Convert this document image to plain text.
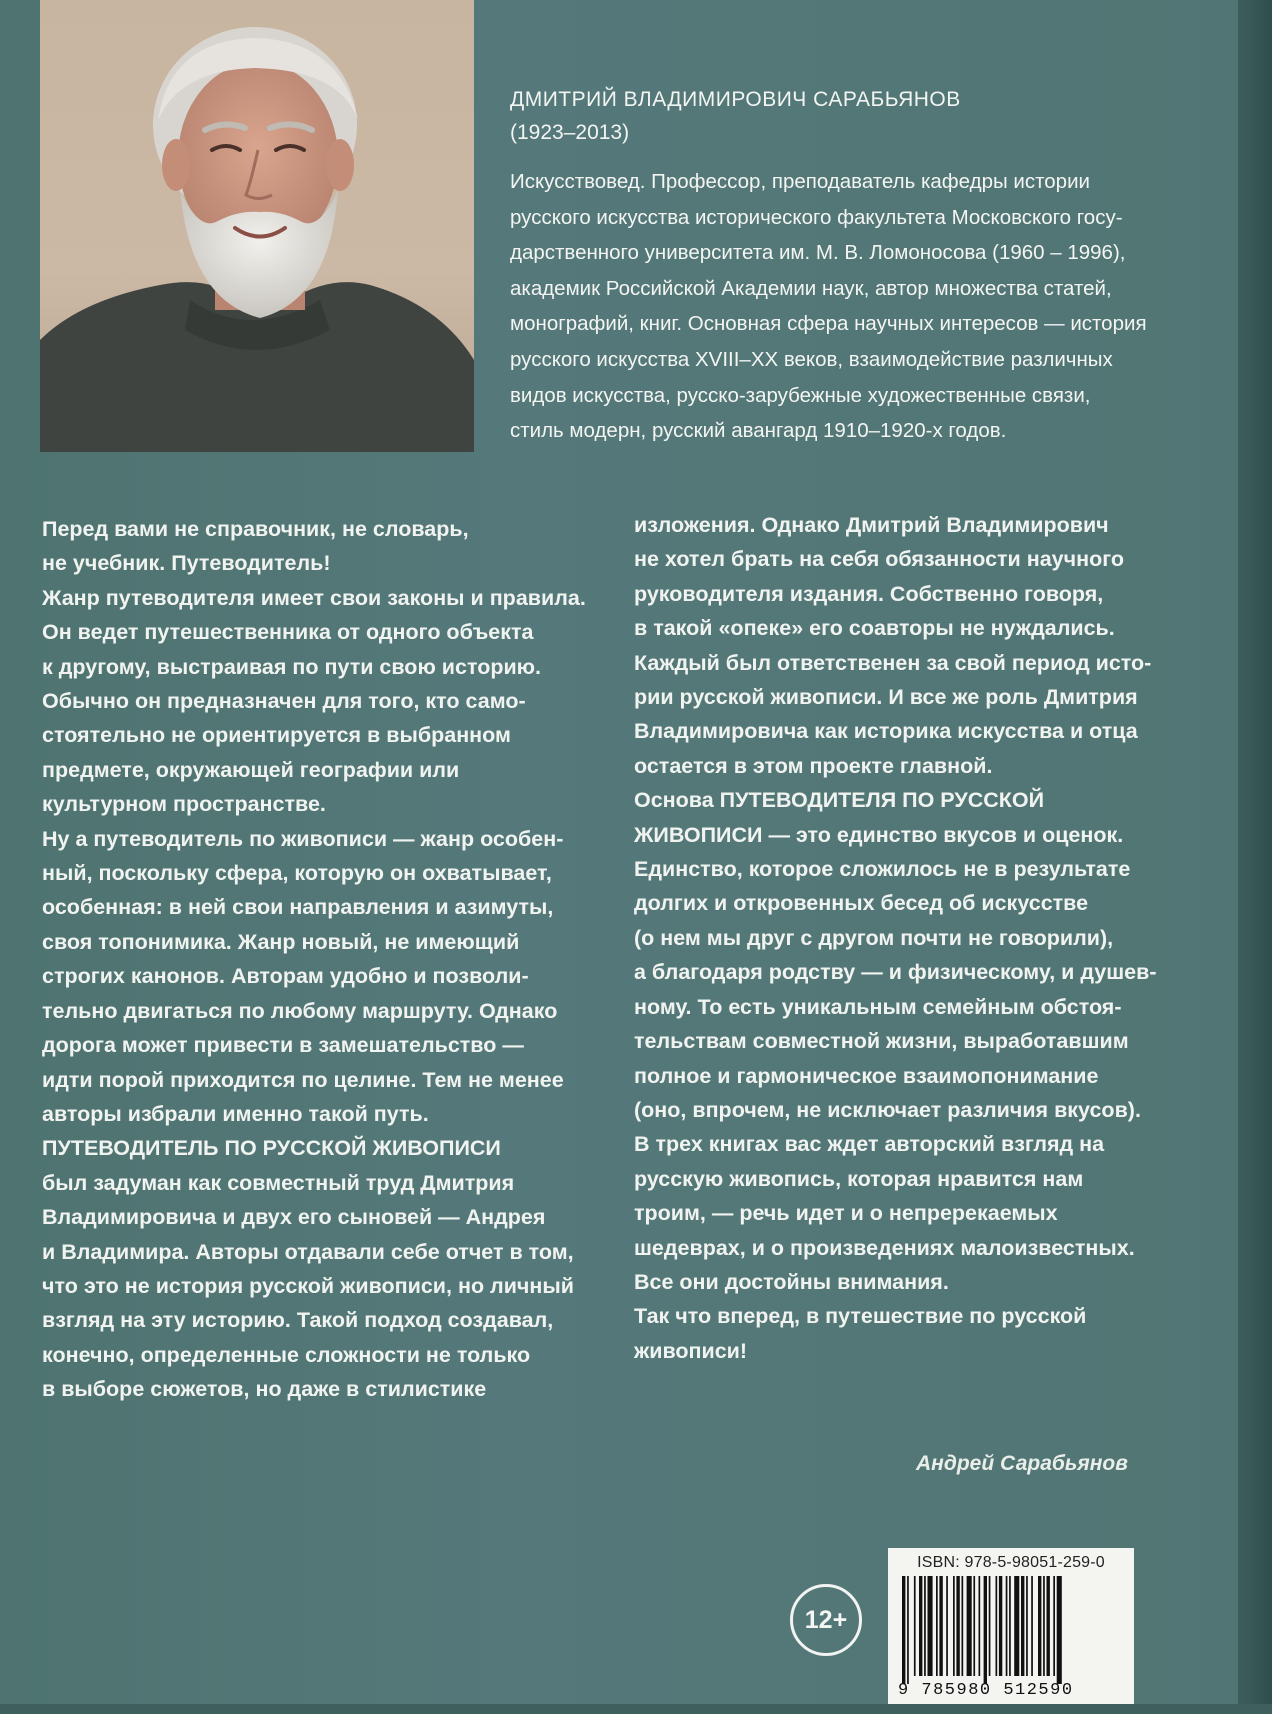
ДМИТРИЙ ВЛАДИМИРОВИЧ САРАБЬЯНОВ
(1923–2013)
Искусствовед. Профессор, преподаватель кафедры истории
русского искусства исторического факультета Московского госу-
дарственного университета им. М. В. Ломоносова (1960 – 1996),
академик Российской Академии наук, автор множества статей,
монографий, книг. Основная сфера научных интересов — история
русского искусства XVIII–XX веков, взаимодействие различных
видов искусства, русско-зарубежные художественные связи,
стиль модерн, русский авангард 1910–1920-х годов.
Перед вами не справочник, не словарь,
не учебник. Путеводитель!
Жанр путеводителя имеет свои законы и правила.
Он ведет путешественника от одного объекта
к другому, выстраивая по пути свою историю.
Обычно он предназначен для того, кто само-
стоятельно не ориентируется в выбранном
предмете, окружающей географии или
культурном пространстве.
Ну а путеводитель по живописи — жанр особен-
ный, поскольку сфера, которую он охватывает,
особенная: в ней свои направления и азимуты,
своя топонимика. Жанр новый, не имеющий
строгих канонов. Авторам удобно и позволи-
тельно двигаться по любому маршруту. Однако
дорога может привести в замешательство —
идти порой приходится по целине. Тем не менее
авторы избрали именно такой путь.
ПУТЕВОДИТЕЛЬ ПО РУССКОЙ ЖИВОПИСИ
был задуман как совместный труд Дмитрия
Владимировича и двух его сыновей — Андрея
и Владимира. Авторы отдавали себе отчет в том,
что это не история русской живописи, но личный
взгляд на эту историю. Такой подход создавал,
конечно, определенные сложности не только
в выборе сюжетов, но даже в стилистике
изложения. Однако Дмитрий Владимирович
не хотел брать на себя обязанности научного
руководителя издания. Собственно говоря,
в такой «опеке» его соавторы не нуждались.
Каждый был ответственен за свой период исто-
рии русской живописи. И все же роль Дмитрия
Владимировича как историка искусства и отца
остается в этом проекте главной.
Основа ПУТЕВОДИТЕЛЯ ПО РУССКОЙ
ЖИВОПИСИ — это единство вкусов и оценок.
Единство, которое сложилось не в результате
долгих и откровенных бесед об искусстве
(о нем мы друг с другом почти не говорили),
а благодаря родству — и физическому, и душев-
ному. То есть уникальным семейным обстоя-
тельствам совместной жизни, выработавшим
полное и гармоническое взаимопонимание
(оно, впрочем, не исключает различия вкусов).
В трех книгах вас ждет авторский взгляд на
русскую живопись, которая нравится нам
троим, — речь идет и о непререкаемых
шедеврах, и о произведениях малоизвестных.
Все они достойны внимания.
Так что вперед, в путешествие по русской
живописи!
Андрей Сарабьянов
12+
ISBN: 978-5-98051-259-0
9 785980 512590
